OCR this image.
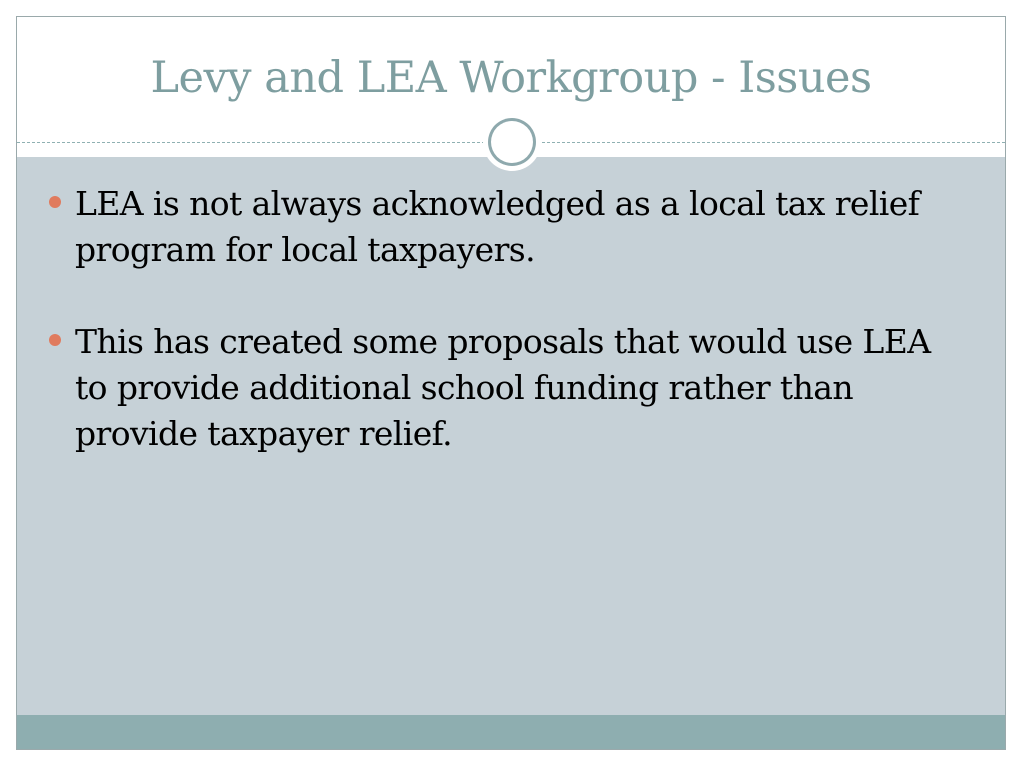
Levy and LEA Workgroup - Issues
LEA is not always acknowledged as a local tax relief program for local taxpayers.
This has created some proposals that would use LEA to provide additional school funding rather than provide taxpayer relief.
